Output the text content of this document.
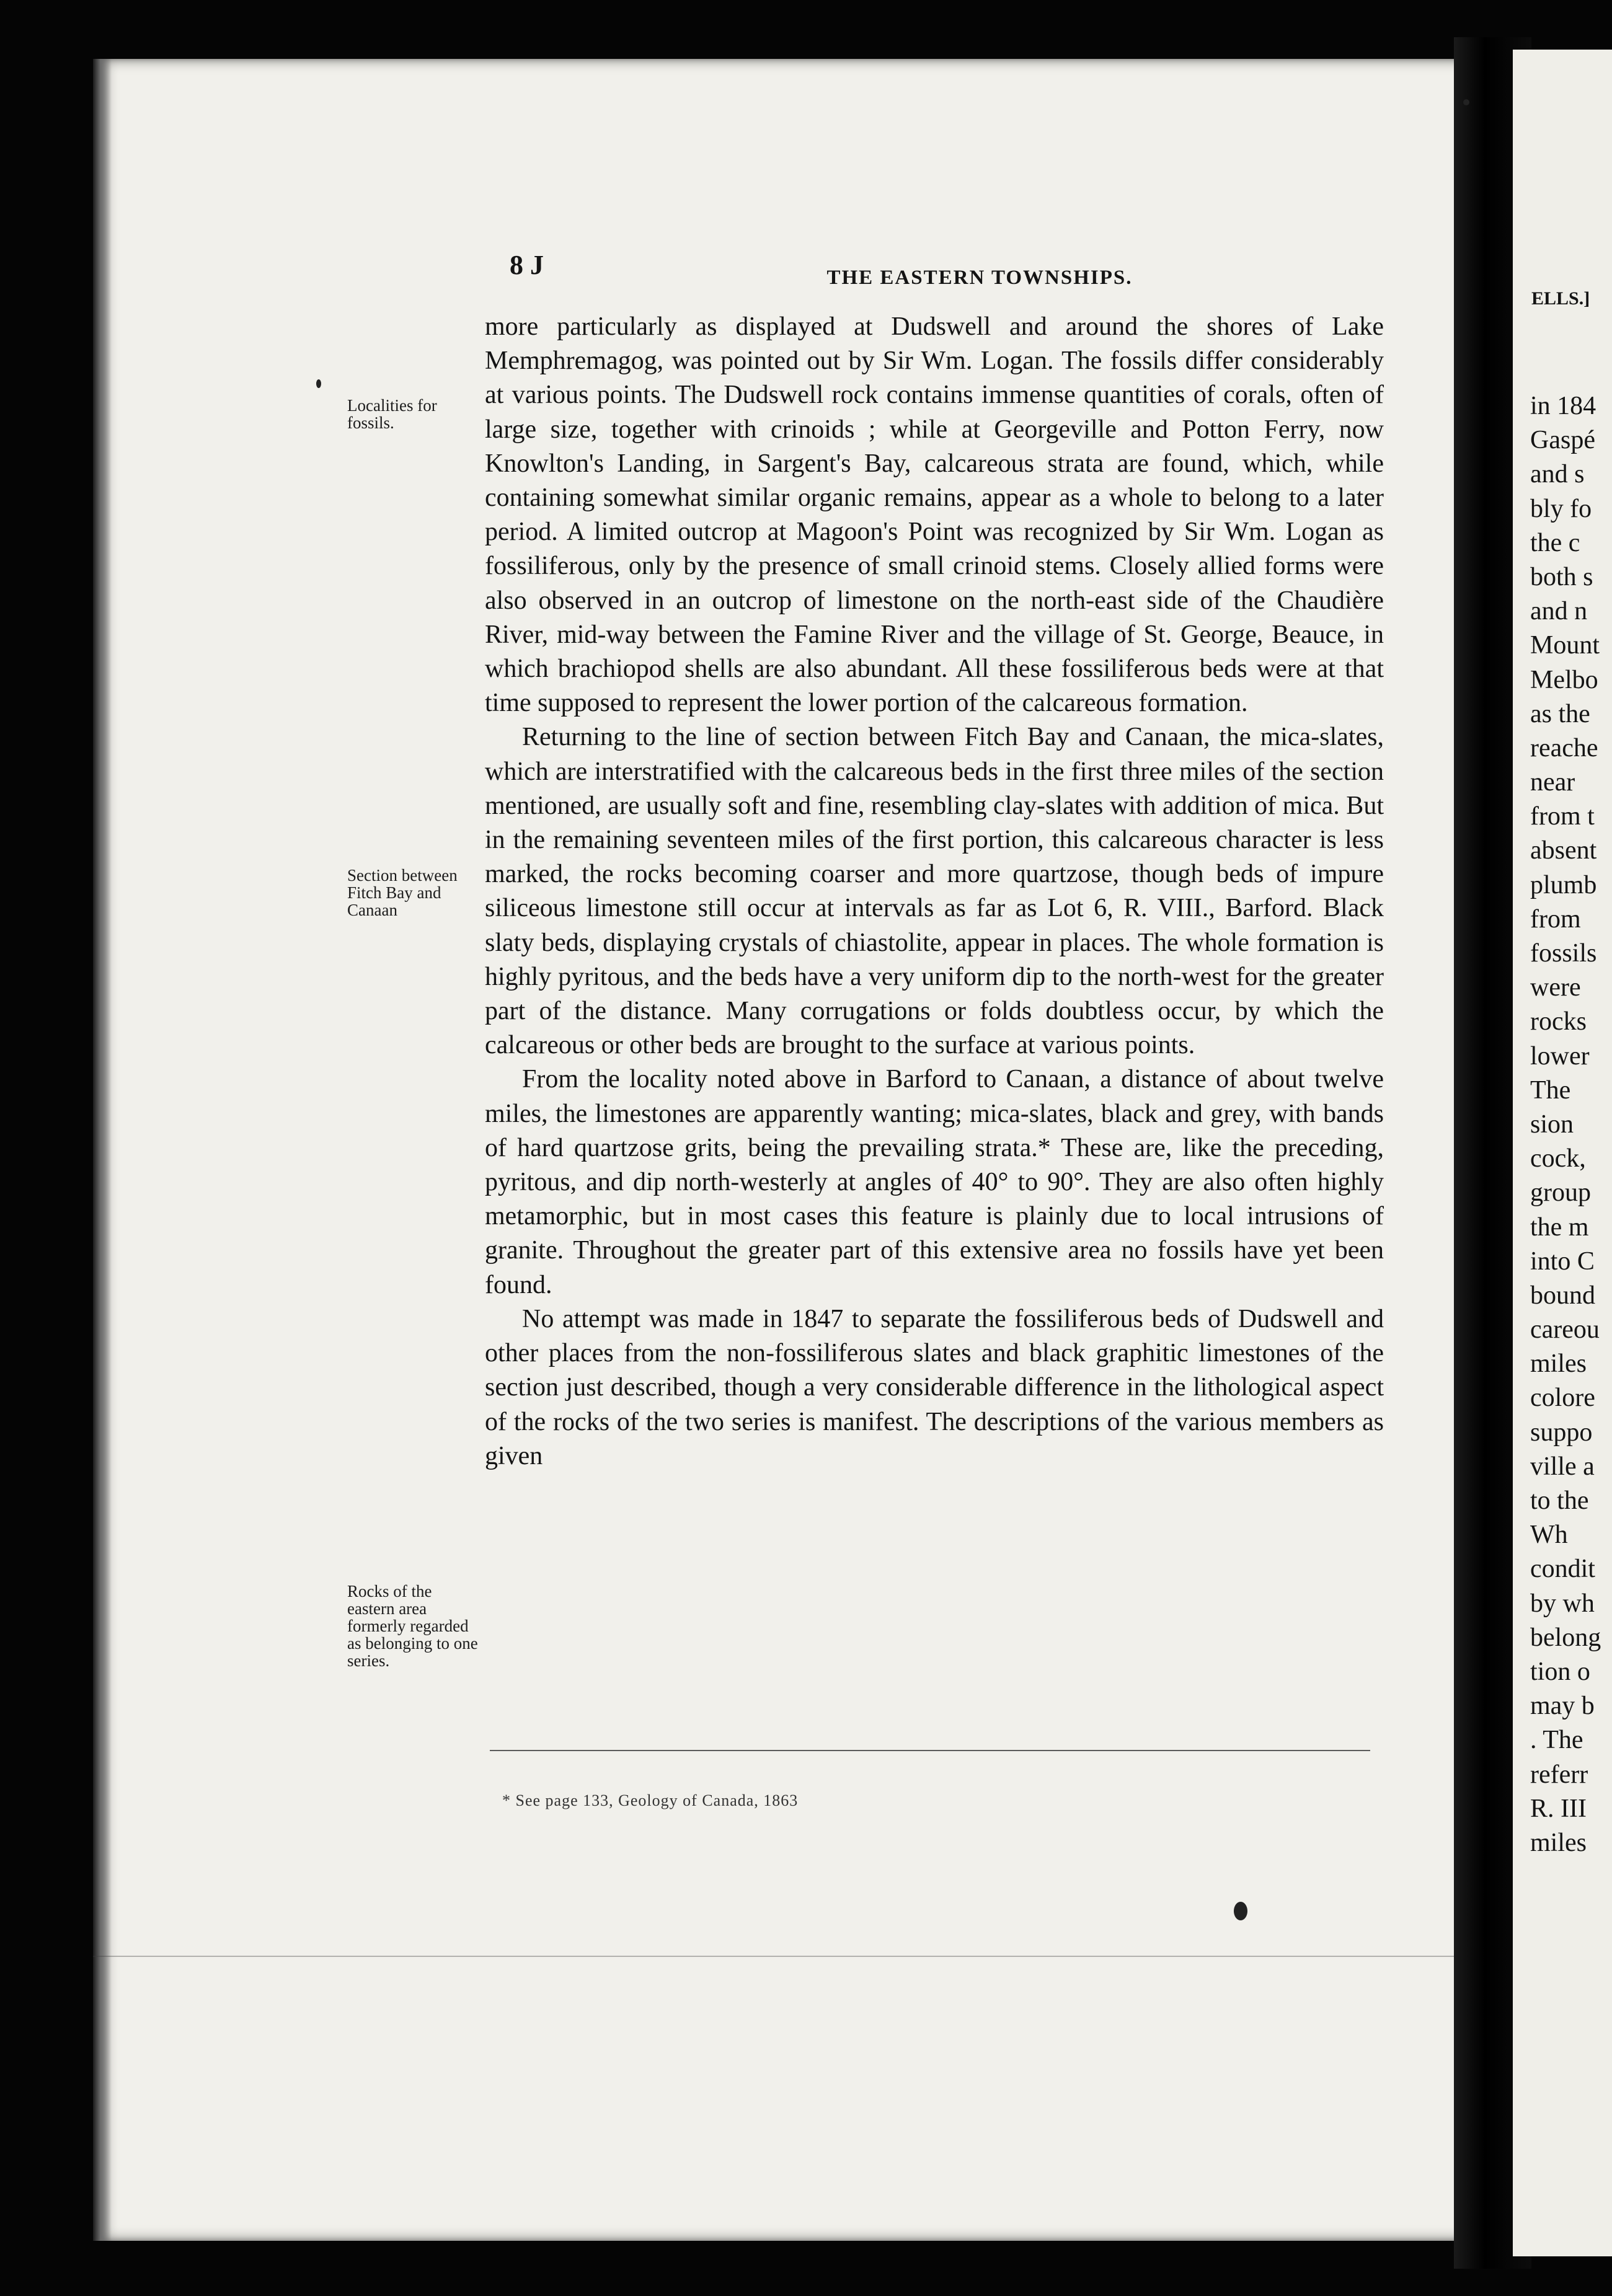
ELLS.]
in 184
Gaspé
and s
bly fo
the c
both s
and n
Mount
Melbo
as the
reache
near
from t
absent
plumb
from
fossils
were
rocks
lower
The
sion
cock,
group
the m
into C
bound
careou
miles
colore
suppo
ville a
to the
Wh
condit
by wh
belong
tion o
may b
. The
referr
R. III
miles
8 J	THE EASTERN TOWNSHIPS.
Localities for fossils.
Section between Fitch Bay and Canaan
Rocks of the eastern area formerly regarded as belonging to one series.

more particularly as displayed at Dudswell and around the shores of Lake Memphremagog, was pointed out by Sir Wm. Logan. The fossils differ considerably at various points. The Dudswell rock contains immense quantities of corals, often of large size, together with crinoids ; while at Georgeville and Potton Ferry, now Knowlton's Landing, in Sargent's Bay, calcareous strata are found, which, while containing somewhat similar organic remains, appear as a whole to belong to a later period. A limited outcrop at Magoon's Point was recognized by Sir Wm. Logan as fossiliferous, only by the presence of small crinoid stems. Closely allied forms were also observed in an outcrop of limestone on the north-east side of the Chaudière River, mid-way between the Famine River and the village of St. George, Beauce, in which brachiopod shells are also abundant. All these fossiliferous beds were at that time supposed to represent the lower portion of the calcareous formation.

Returning to the line of section between Fitch Bay and Canaan, the mica-slates, which are interstratified with the calcareous beds in the first three miles of the section mentioned, are usually soft and fine, resembling clay-slates with addition of mica. But in the remaining seventeen miles of the first portion, this calcareous character is less marked, the rocks becoming coarser and more quartzose, though beds of impure siliceous limestone still occur at intervals as far as Lot 6, R. VIII., Barford. Black slaty beds, displaying crystals of chiastolite, appear in places. The whole formation is highly pyritous, and the beds have a very uniform dip to the north-west for the greater part of the distance. Many corrugations or folds doubtless occur, by which the calcareous or other beds are brought to the surface at various points.

From the locality noted above in Barford to Canaan, a distance of about twelve miles, the limestones are apparently wanting; mica-slates, black and grey, with bands of hard quartzose grits, being the prevailing strata.* These are, like the preceding, pyritous, and dip north-westerly at angles of 40° to 90°. They are also often highly metamorphic, but in most cases this feature is plainly due to local intrusions of granite. Throughout the greater part of this extensive area no fossils have yet been found.

No attempt was made in 1847 to separate the fossiliferous beds of Dudswell and other places from the non-fossiliferous slates and black graphitic limestones of the section just described, though a very considerable difference in the lithological aspect of the rocks of the two series is manifest. The descriptions of the various members as given

* See page 133, Geology of Canada, 1863
